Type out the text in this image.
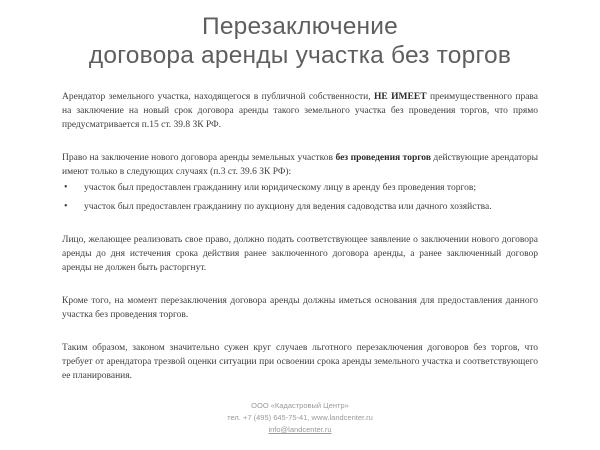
Перезаключение
договора аренды участка без торгов
Арендатор земельного участка, находящегося в публичной собственности, НЕ ИМЕЕТ преимущественного права на заключение на новый срок договора аренды такого земельного участка без проведения торгов, что прямо предусматривается п.15 ст. 39.8 ЗК РФ.
Право на заключение нового договора аренды земельных участков без проведения торгов действующие арендаторы имеют только в следующих случаях (п.3 ст. 39.6 ЗК РФ):
• участок был предоставлен гражданину или юридическому лицу в аренду без проведения торгов;
• участок был предоставлен гражданину по аукциону для ведения садоводства или дачного хозяйства.
Лицо, желающее реализовать свое право, должно подать соответствующее заявление о заключении нового договора аренды до дня истечения срока действия ранее заключенного договора аренды, а ранее заключенный договор аренды не должен быть расторгнут.
Кроме того, на момент перезаключения договора аренды должны иметься основания для предоставления данного участка без проведения торгов.
Таким образом, законом значительно сужен круг случаев льготного перезаключения договоров без торгов, что требует от арендатора трезвой оценки ситуации при освоении срока аренды земельного участка и соответствующего ее планирования.
ООО «Кадастровый Центр»
тел. +7 (495) 645-75-41, www.landcenter.ru
info@landcenter.ru
